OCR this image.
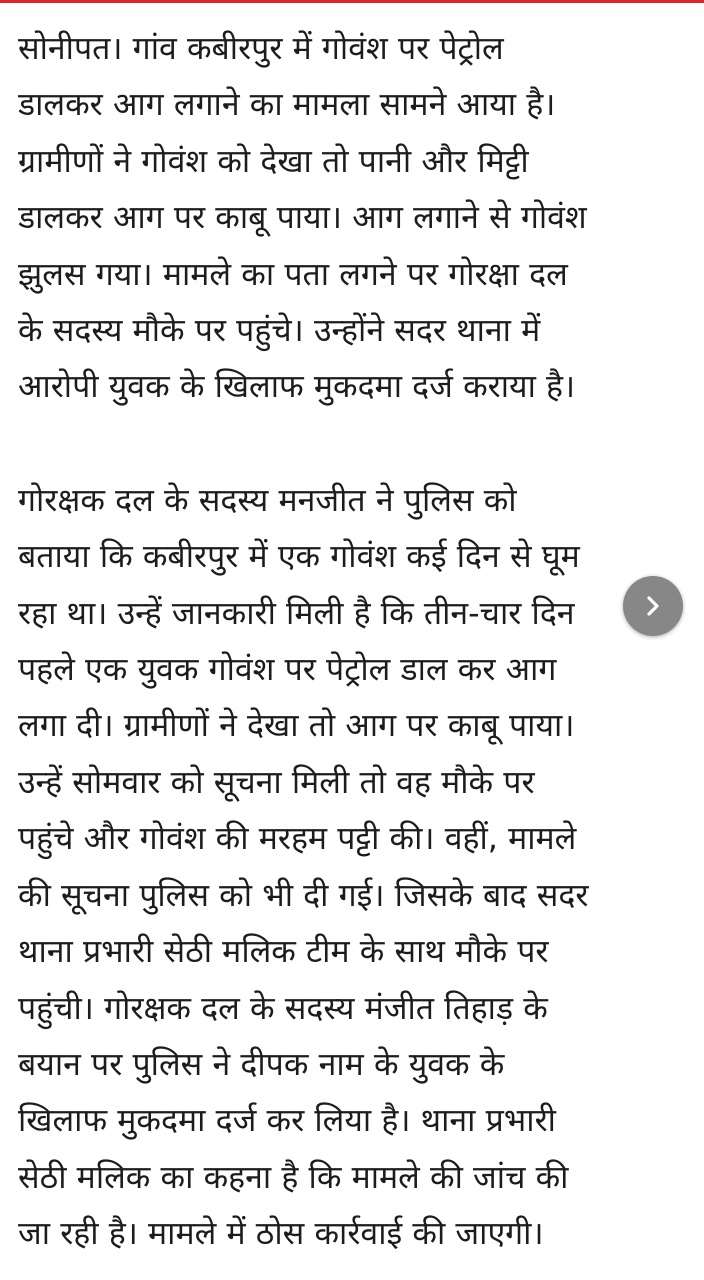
सोनीपत। गांव कबीरपुर में गोवंश पर पेट्रोल
डालकर आग लगाने का मामला सामने आया है।
ग्रामीणों ने गोवंश को देखा तो पानी और मिट्टी
डालकर आग पर काबू पाया। आग लगाने से गोवंश
झुलस गया। मामले का पता लगने पर गोरक्षा दल
के सदस्य मौके पर पहुंचे। उन्होंने सदर थाना में
आरोपी युवक के खिलाफ मुकदमा दर्ज कराया है।

गोरक्षक दल के सदस्य मनजीत ने पुलिस को
बताया कि कबीरपुर में एक गोवंश कई दिन से घूम
रहा था। उन्हें जानकारी मिली है कि तीन-चार दिन
पहले एक युवक गोवंश पर पेट्रोल डाल कर आग
लगा दी। ग्रामीणों ने देखा तो आग पर काबू पाया।
उन्हें सोमवार को सूचना मिली तो वह मौके पर
पहुंचे और गोवंश की मरहम पट्टी की। वहीं, मामले
की सूचना पुलिस को भी दी गई। जिसके बाद सदर
थाना प्रभारी सेठी मलिक टीम के साथ मौके पर
पहुंची। गोरक्षक दल के सदस्य मंजीत तिहाड़ के
बयान पर पुलिस ने दीपक नाम के युवक के
खिलाफ मुकदमा दर्ज कर लिया है। थाना प्रभारी
सेठी मलिक का कहना है कि मामले की जांच की
जा रही है। मामले में ठोस कार्रवाई की जाएगी।
